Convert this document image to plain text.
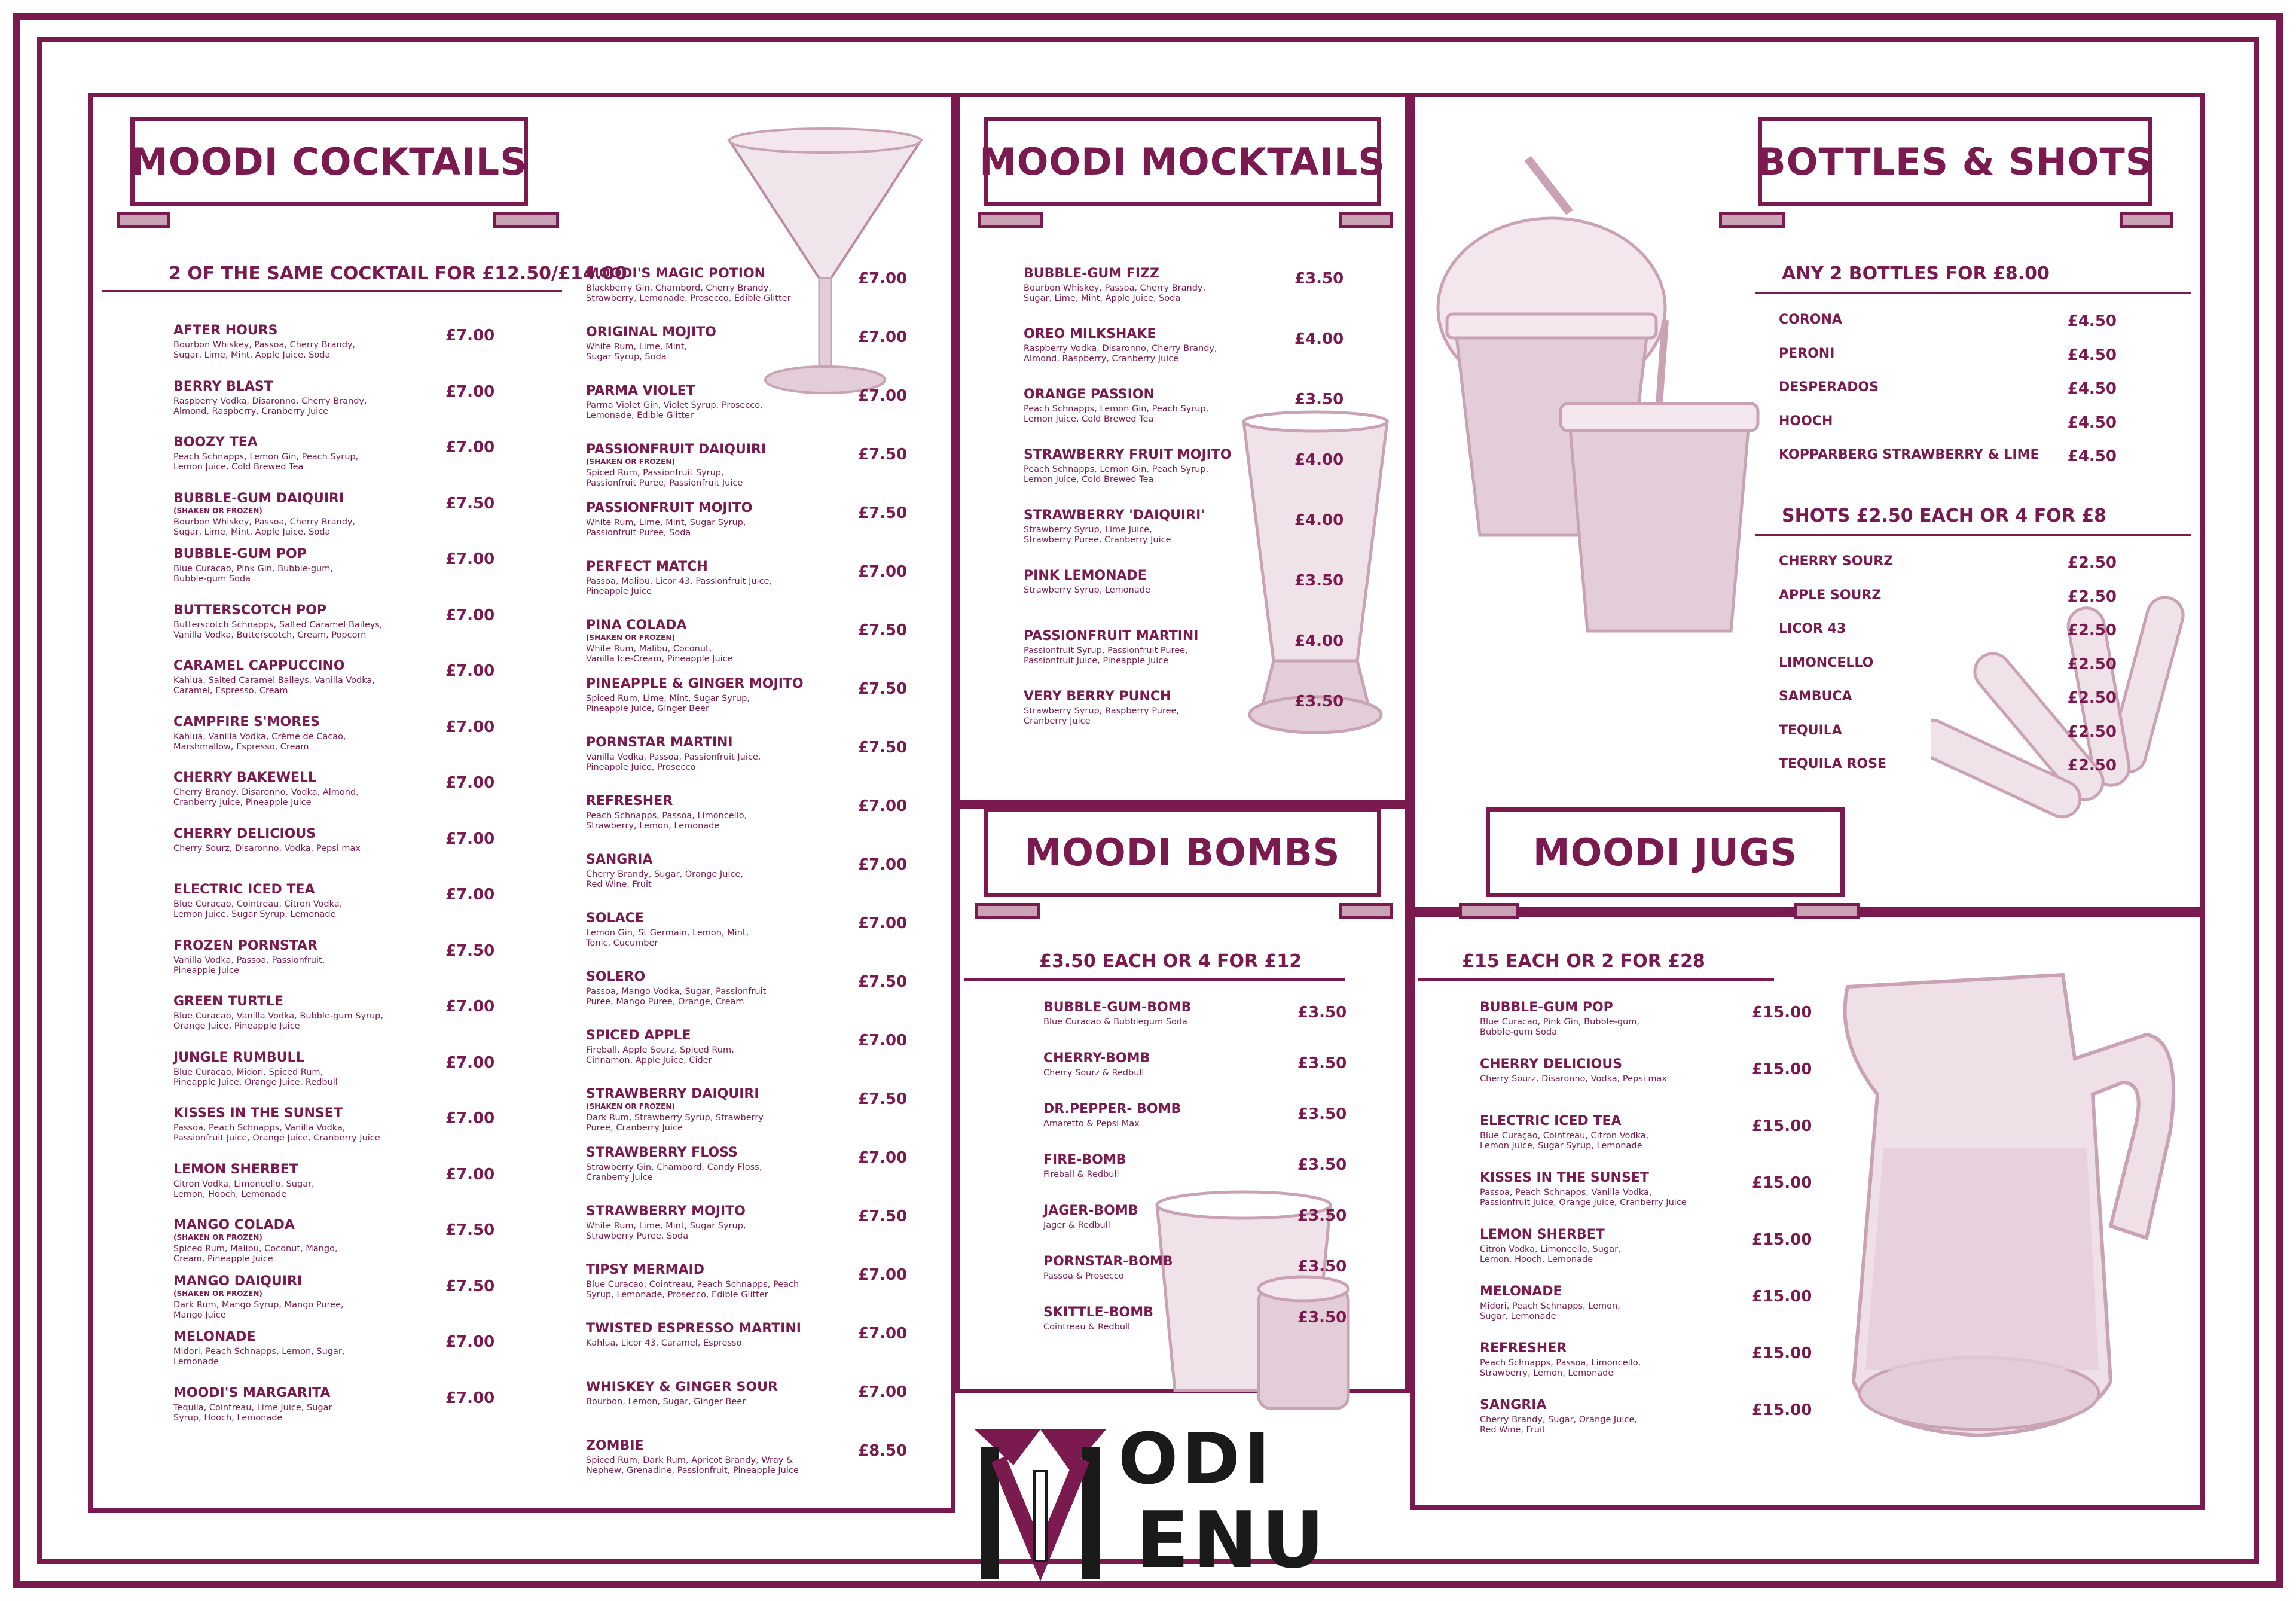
MOODI COCKTAILS	MOODI MOCKTAILS	BOTTLES & SHOTS
MOODI BOMBS	MOODI JUGS
2 OF THE SAME COCKTAIL FOR £12.50/£14.00	ANY 2 BOTTLES FOR £8.00
SHOTS £2.50 EACH OR 4 FOR £8
£3.50 EACH OR 4 FOR £12	£15 EACH OR 2 FOR £28
AFTER HOURS
Bourbon Whiskey, Passoa, Cherry Brandy,
Sugar, Lime, Mint, Apple Juice, Soda
£7.00
BERRY BLAST
Raspberry Vodka, Disaronno, Cherry Brandy,
Almond, Raspberry, Cranberry Juice
£7.00
BOOZY TEA
Peach Schnapps, Lemon Gin, Peach Syrup,
Lemon Juice, Cold Brewed Tea
£7.00
BUBBLE-GUM DAIQUIRI
(SHAKEN OR FROZEN)
Bourbon Whiskey, Passoa, Cherry Brandy,
Sugar, Lime, Mint, Apple Juice, Soda
£7.50
BUBBLE-GUM POP
Blue Curacao, Pink Gin, Bubble-gum,
Bubble-gum Soda
£7.00
BUTTERSCOTCH POP
Butterscotch Schnapps, Salted Caramel Baileys,
Vanilla Vodka, Butterscotch, Cream, Popcorn
£7.00
CARAMEL CAPPUCCINO
Kahlua, Salted Caramel Baileys, Vanilla Vodka,
Caramel, Espresso, Cream
£7.00
CAMPFIRE S'MORES
Kahlua, Vanilla Vodka, Crème de Cacao,
Marshmallow, Espresso, Cream
£7.00
CHERRY BAKEWELL
Cherry Brandy, Disaronno, Vodka, Almond,
Cranberry Juice, Pineapple Juice
£7.00
CHERRY DELICIOUS
Cherry Sourz, Disaronno, Vodka, Pepsi max
£7.00
ELECTRIC ICED TEA
Blue Curaçao, Cointreau, Citron Vodka,
Lemon Juice, Sugar Syrup, Lemonade
£7.00
FROZEN PORNSTAR
Vanilla Vodka, Passoa, Passionfruit,
Pineapple Juice
£7.50
GREEN TURTLE
Blue Curacao, Vanilla Vodka, Bubble-gum Syrup,
Orange Juice, Pineapple Juice
£7.00
JUNGLE RUMBULL
Blue Curacao, Midori, Spiced Rum,
Pineapple Juice, Orange Juice, Redbull
£7.00
KISSES IN THE SUNSET
Passoa, Peach Schnapps, Vanilla Vodka,
Passionfruit Juice, Orange Juice, Cranberry Juice
£7.00
LEMON SHERBET
Citron Vodka, Limoncello, Sugar,
Lemon, Hooch, Lemonade
£7.00
MANGO COLADA
(SHAKEN OR FROZEN)
Spiced Rum, Malibu, Coconut, Mango,
Cream, Pineapple Juice
£7.50
MANGO DAIQUIRI
(SHAKEN OR FROZEN)
Dark Rum, Mango Syrup, Mango Puree,
Mango Juice
£7.50
MELONADE
Midori, Peach Schnapps, Lemon, Sugar,
Lemonade
£7.00
MOODI'S MARGARITA
Tequila, Cointreau, Lime Juice, Sugar
Syrup, Hooch, Lemonade
£7.00
MOODI'S MAGIC POTION
Blackberry Gin, Chambord, Cherry Brandy,
Strawberry, Lemonade, Prosecco, Edible Glitter
£7.00
ORIGINAL MOJITO
White Rum, Lime, Mint,
Sugar Syrup, Soda
£7.00
PARMA VIOLET
Parma Violet Gin, Violet Syrup, Prosecco,
Lemonade, Edible Glitter
£7.00
PASSIONFRUIT DAIQUIRI
(SHAKEN OR FROZEN)
Spiced Rum, Passionfruit Syrup,
Passionfruit Puree, Passionfruit Juice
£7.50
PASSIONFRUIT MOJITO
White Rum, Lime, Mint, Sugar Syrup,
Passionfruit Puree, Soda
£7.50
PERFECT MATCH
Passoa, Malibu, Licor 43, Passionfruit Juice,
Pineapple Juice
£7.00
PINA COLADA
(SHAKEN OR FROZEN)
White Rum, Malibu, Coconut,
Vanilla Ice-Cream, Pineapple Juice
£7.50
PINEAPPLE & GINGER MOJITO
Spiced Rum, Lime, Mint, Sugar Syrup,
Pineapple Juice, Ginger Beer
£7.50
PORNSTAR MARTINI
Vanilla Vodka, Passoa, Passionfruit Juice,
Pineapple Juice, Prosecco
£7.50
REFRESHER
Peach Schnapps, Passoa, Limoncello,
Strawberry, Lemon, Lemonade
£7.00
SANGRIA
Cherry Brandy, Sugar, Orange Juice,
Red Wine, Fruit
£7.00
SOLACE
Lemon Gin, St Germain, Lemon, Mint,
Tonic, Cucumber
£7.00
SOLERO
Passoa, Mango Vodka, Sugar, Passionfruit
Puree, Mango Puree, Orange, Cream
£7.50
SPICED APPLE
Fireball, Apple Sourz, Spiced Rum,
Cinnamon, Apple Juice, Cider
£7.00
STRAWBERRY DAIQUIRI
(SHAKEN OR FROZEN)
Dark Rum, Strawberry Syrup, Strawberry
Puree, Cranberry Juice
£7.50
STRAWBERRY FLOSS
Strawberry Gin, Chambord, Candy Floss,
Cranberry Juice
£7.00
STRAWBERRY MOJITO
White Rum, Lime, Mint, Sugar Syrup,
Strawberry Puree, Soda
£7.50
TIPSY MERMAID
Blue Curacao, Cointreau, Peach Schnapps, Peach
Syrup, Lemonade, Prosecco, Edible Glitter
£7.00
TWISTED ESPRESSO MARTINI
Kahlua, Licor 43, Caramel, Espresso
£7.00
WHISKEY & GINGER SOUR
Bourbon, Lemon, Sugar, Ginger Beer
£7.00
ZOMBIE
Spiced Rum, Dark Rum, Apricot Brandy, Wray &
Nephew, Grenadine, Passionfruit, Pineapple Juice
£8.50
BUBBLE-GUM FIZZ
Bourbon Whiskey, Passoa, Cherry Brandy,
Sugar, Lime, Mint, Apple Juice, Soda
£3.50
OREO MILKSHAKE
Raspberry Vodka, Disaronno, Cherry Brandy,
Almond, Raspberry, Cranberry Juice
£4.00
ORANGE PASSION
Peach Schnapps, Lemon Gin, Peach Syrup,
Lemon Juice, Cold Brewed Tea
£3.50
STRAWBERRY FRUIT MOJITO
Peach Schnapps, Lemon Gin, Peach Syrup,
Lemon Juice, Cold Brewed Tea
£4.00
STRAWBERRY 'DAIQUIRI'
Strawberry Syrup, Lime Juice,
Strawberry Puree, Cranberry Juice
£4.00
PINK LEMONADE
Strawberry Syrup, Lemonade
£3.50
PASSIONFRUIT MARTINI
Passionfruit Syrup, Passionfruit Puree,
Passionfruit Juice, Pineapple Juice
£4.00
VERY BERRY PUNCH
Strawberry Syrup, Raspberry Puree,
Cranberry Juice
£3.50
BUBBLE-GUM-BOMB
Blue Curacao & Bubblegum Soda
£3.50
CHERRY-BOMB
Cherry Sourz & Redbull
£3.50
DR.PEPPER- BOMB
Amaretto & Pepsi Max
£3.50
FIRE-BOMB
Fireball & Redbull
£3.50
JAGER-BOMB
Jager & Redbull
£3.50
PORNSTAR-BOMB
Passoa & Prosecco
£3.50
SKITTLE-BOMB
Cointreau & Redbull
£3.50
BUBBLE-GUM POP
Blue Curacao, Pink Gin, Bubble-gum,
Bubble-gum Soda
£15.00
CHERRY DELICIOUS
Cherry Sourz, Disaronno, Vodka, Pepsi max
£15.00
ELECTRIC ICED TEA
Blue Curaçao, Cointreau, Citron Vodka,
Lemon Juice, Sugar Syrup, Lemonade
£15.00
KISSES IN THE SUNSET
Passoa, Peach Schnapps, Vanilla Vodka,
Passionfruit Juice, Orange Juice, Cranberry Juice
£15.00
LEMON SHERBET
Citron Vodka, Limoncello, Sugar,
Lemon, Hooch, Lemonade
£15.00
MELONADE
Midori, Peach Schnapps, Lemon,
Sugar, Lemonade
£15.00
REFRESHER
Peach Schnapps, Passoa, Limoncello,
Strawberry, Lemon, Lemonade
£15.00
SANGRIA
Cherry Brandy, Sugar, Orange Juice,
Red Wine, Fruit
£15.00
CORONA	£4.50
PERONI	£4.50
DESPERADOS	£4.50
HOOCH	£4.50
KOPPARBERG STRAWBERRY & LIME £4.50
CHERRY SOURZ	£2.50
APPLE SOURZ	£2.50
LICOR 43	£2.50
LIMONCELLO	£2.50
SAMBUCA	£2.50
TEQUILA	£2.50
TEQUILA ROSE	£2.50
ODI
ENU
